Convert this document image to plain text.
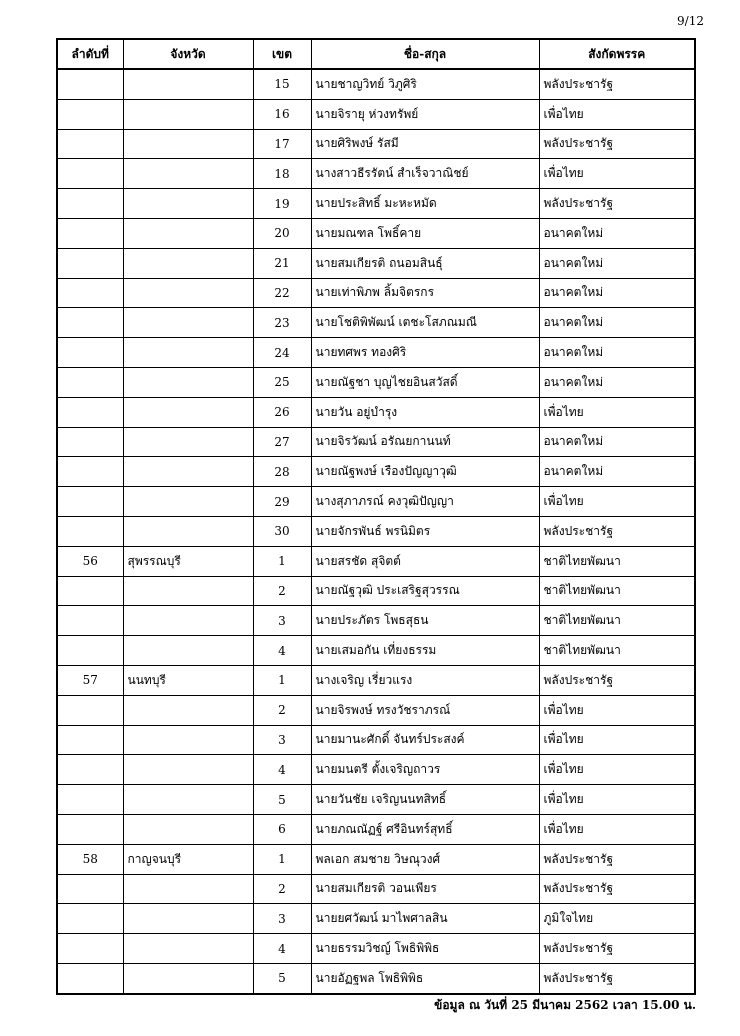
9/12
ลำดับที่	จังหวัด	เขต	ชื่อ-สกุล	สังกัดพรรค
		15	นายชาญวิทย์ วิภูศิริ	พลังประชารัฐ
		16	นายจิรายุ ห่วงทรัพย์	เพื่อไทย
		17	นายศิริพงษ์ รัสมี	พลังประชารัฐ
		18	นางสาวธีรรัตน์ สำเร็จวาณิชย์	เพื่อไทย
		19	นายประสิทธิ์ มะหะหมัด	พลังประชารัฐ
		20	นายมณฑล โพธิ์คาย	อนาคตใหม่
		21	นายสมเกียรติ ถนอมสินธุ์	อนาคตใหม่
		22	นายเท่าพิภพ ลิ้มจิตรกร	อนาคตใหม่
		23	นายโชติพิพัฒน์ เตชะโสภณมณี	อนาคตใหม่
		24	นายทศพร ทองศิริ	อนาคตใหม่
		25	นายณัฐชา บุญไชยอินสวัสดิ์	อนาคตใหม่
		26	นายวัน อยู่บำรุง	เพื่อไทย
		27	นายจิรวัฒน์ อรัณยกานนท์	อนาคตใหม่
		28	นายณัฐพงษ์ เรืองปัญญาวุฒิ	อนาคตใหม่
		29	นางสุภาภรณ์ คงวุฒิปัญญา	เพื่อไทย
		30	นายจักรพันธ์ พรนิมิตร	พลังประชารัฐ
56	สุพรรณบุรี	1	นายสรชัด สุจิตต์	ชาติไทยพัฒนา
		2	นายณัฐวุฒิ ประเสริฐสุวรรณ	ชาติไทยพัฒนา
		3	นายประภัตร โพธสุธน	ชาติไทยพัฒนา
		4	นายเสมอกัน เที่ยงธรรม	ชาติไทยพัฒนา
57	นนทบุรี	1	นางเจริญ เรี่ยวแรง	พลังประชารัฐ
		2	นายจิรพงษ์ ทรงวัชราภรณ์	เพื่อไทย
		3	นายมานะศักดิ์ จันทร์ประสงค์	เพื่อไทย
		4	นายมนตรี ตั้งเจริญถาวร	เพื่อไทย
		5	นายวันชัย เจริญนนทสิทธิ์	เพื่อไทย
		6	นายภณณัฏฐ์ ศรีอินทร์สุทธิ์	เพื่อไทย
58	กาญจนบุรี	1	พลเอก สมชาย วิษณุวงศ์	พลังประชารัฐ
		2	นายสมเกียรติ วอนเพียร	พลังประชารัฐ
		3	นายยศวัฒน์ มาไพศาลสิน	ภูมิใจไทย
		4	นายธรรมวิชญ์ โพธิพิพิธ	พลังประชารัฐ
		5	นายอัฏฐพล โพธิพิพิธ	พลังประชารัฐ
ข้อมูล ณ วันที่ 25 มีนาคม 2562 เวลา 15.00 น.
